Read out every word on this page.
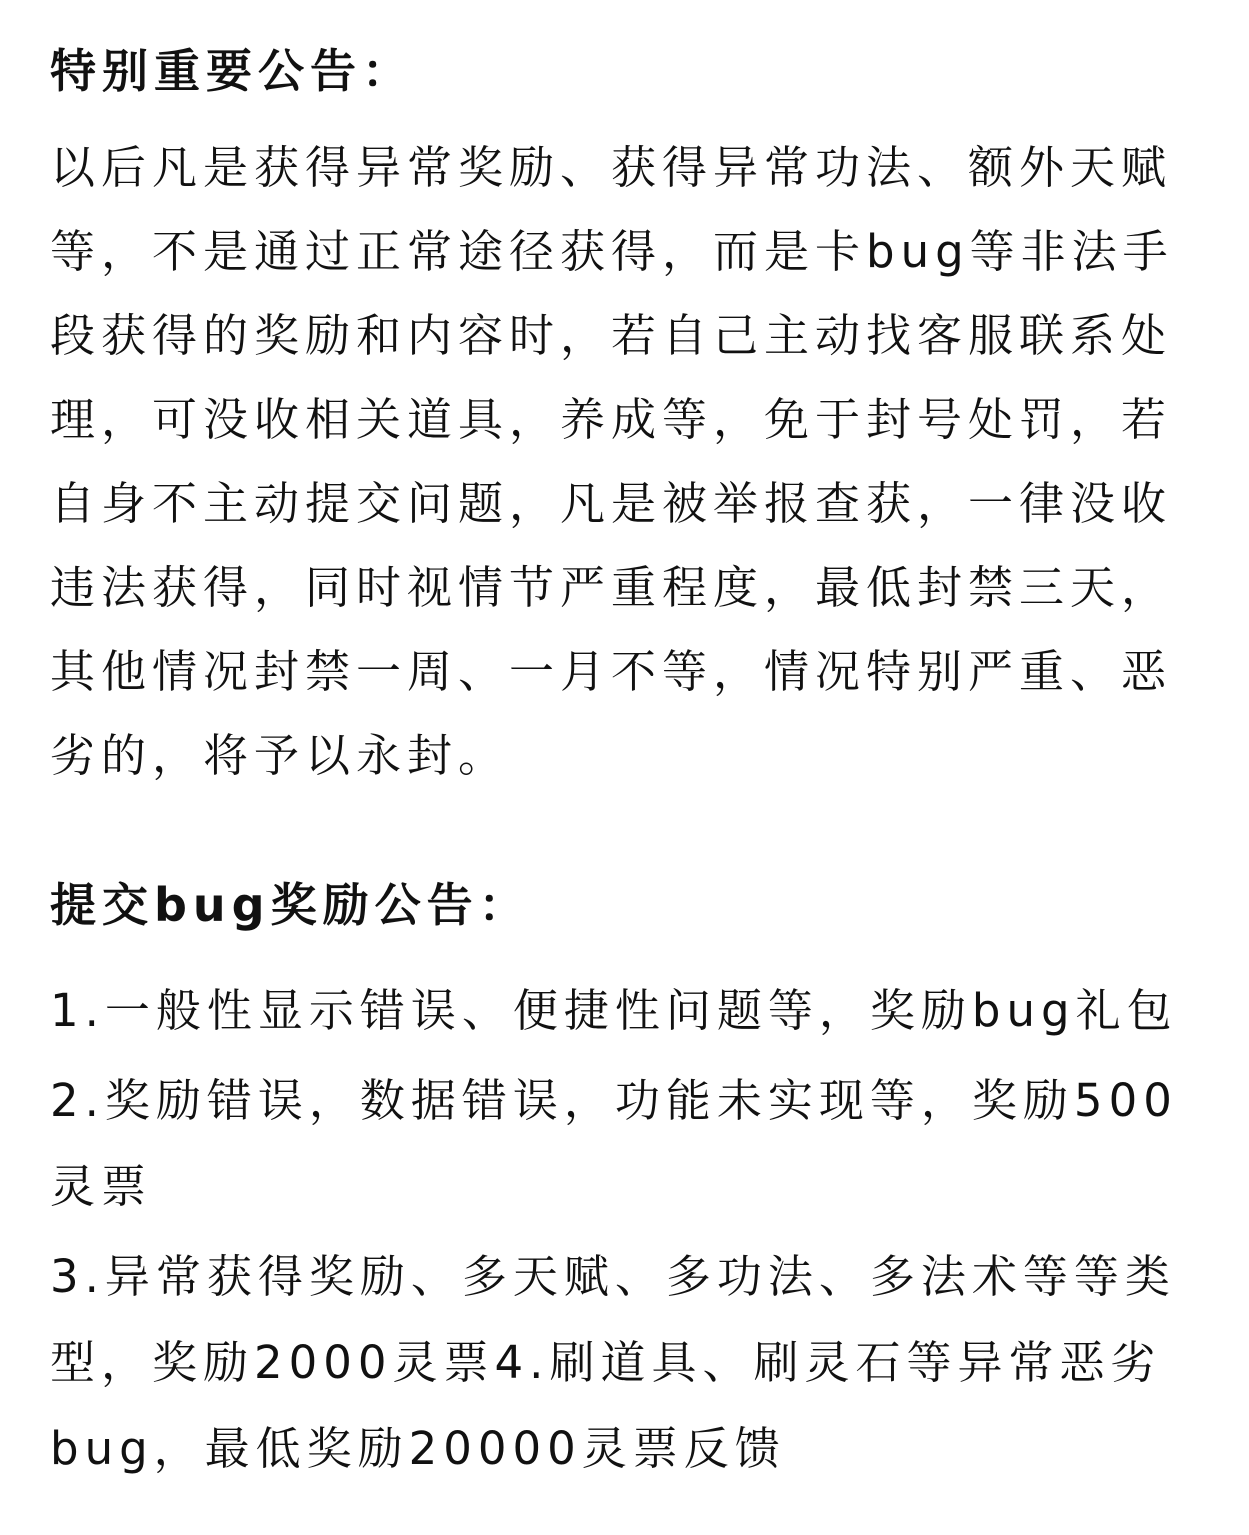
特别重要公告：

以后凡是获得异常奖励、获得异常功法、额外天赋等，不是通过正常途径获得，而是卡bug等非法手段获得的奖励和内容时，若自己主动找客服联系处理，可没收相关道具，养成等，免于封号处罚，若自身不主动提交问题，凡是被举报查获，一律没收违法获得，同时视情节严重程度，最低封禁三天，其他情况封禁一周、一月不等，情况特别严重、恶劣的，将予以永封。

提交bug奖励公告：
1.一般性显示错误、便捷性问题等，奖励bug礼包
2.奖励错误，数据错误，功能未实现等，奖励500灵票
3.异常获得奖励、多天赋、多功法、多法术等等类型，奖励2000灵票4.刷道具、刷灵石等异常恶劣bug，最低奖励20000灵票反馈
